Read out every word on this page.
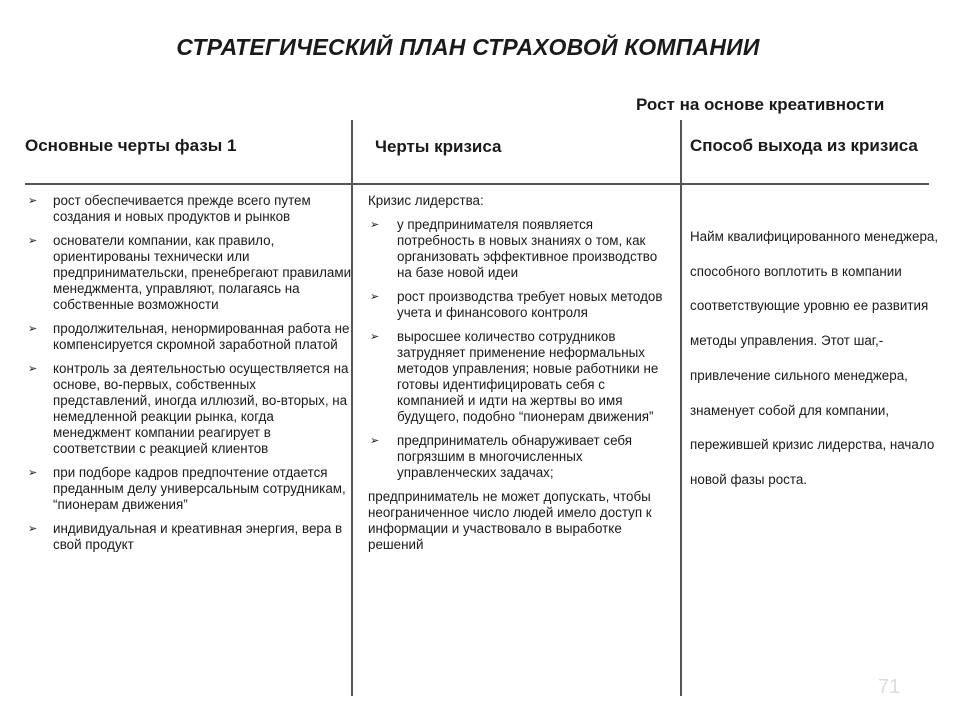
СТРАТЕГИЧЕСКИЙ ПЛАН СТРАХОВОЙ КОМПАНИИ
Рост на основе креативности
Основные черты фазы 1	Черты кризиса	Способ выхода из кризиса
➢ рост обеспечивается прежде всего путем создания и новых продуктов и рынков
➢ основатели компании, как правило, ориентированы технически или предпринимательски, пренебрегают правилами менеджмента, управляют, полагаясь на собственные возможности
➢ продолжительная, ненормированная работа не компенсируется скромной заработной платой
➢ контроль за деятельностью осуществляется на основе, во-первых, собственных представлений, иногда иллюзий, во-вторых, на немедленной реакции рынка, когда менеджмент компании реагирует в соответствии с реакцией клиентов
➢ при подборе кадров предпочтение отдается преданным делу универсальным сотрудникам, “пионерам движения”
➢ индивидуальная и креативная энергия, вера в свой продукт
Кризис лидерства:
➢ у предпринимателя появляется потребность в новых знаниях о том, как организовать эффективное производство на базе новой идеи
➢ рост производства требует новых методов учета и финансового контроля
➢ выросшее количество сотрудников затрудняет применение неформальных методов управления; новые работники не готовы идентифицировать себя с компанией и идти на жертвы во имя будущего, подобно “пионерам движения”
➢ предприниматель обнаруживает себя погрязшим в многочисленных управленческих задачах;
предприниматель не может допускать, чтобы неограниченное число людей имело доступ к информации и участвовало в выработке решений
Найм квалифицированного менеджера, способного воплотить в компании соответствующие уровню ее развития методы управления. Этот шаг,-привлечение сильного менеджера, знаменует собой для компании, пережившей кризис лидерства, начало новой фазы роста.
71
